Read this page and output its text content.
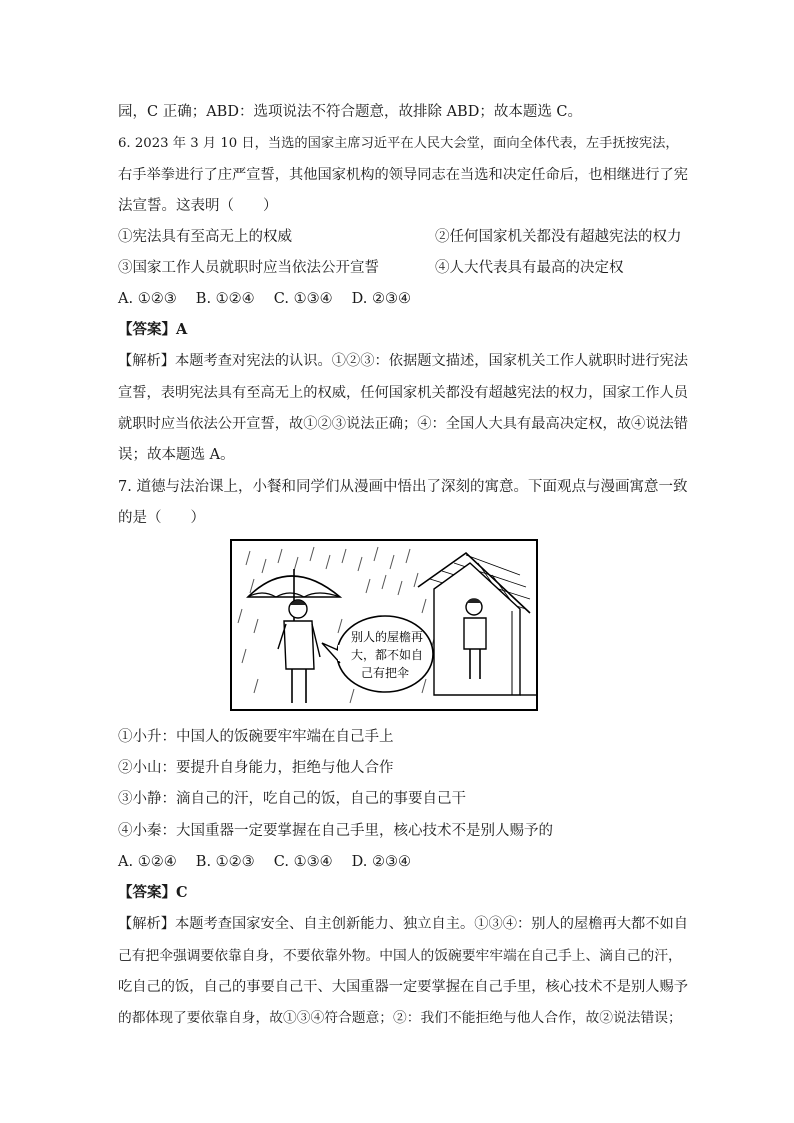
园，C 正确；ABD：选项说法不符合题意，故排除 ABD；故本题选 C。
6. 2023 年 3 月 10 日，当选的国家主席习近平在人民大会堂，面向全体代表，左手抚按宪法，
右手举拳进行了庄严宣誓，其他国家机构的领导同志在当选和决定任命后，也相继进行了宪
法宣誓。这表明（　　）
①宪法具有至高无上的权威	②任何国家机关都没有超越宪法的权力
③国家工作人员就职时应当依法公开宣誓	④人大代表具有最高的决定权
A. ①②③　 B. ①②④　 C. ①③④　 D. ②③④
【答案】A
【解析】本题考查对宪法的认识。①②③：依据题文描述，国家机关工作人就职时进行宪法
宣誓，表明宪法具有至高无上的权威，任何国家机关都没有超越宪法的权力，国家工作人员
就职时应当依法公开宣誓，故①②③说法正确；④：全国人大具有最高决定权，故④说法错
误；故本题选 A。
7. 道德与法治课上，小餐和同学们从漫画中悟出了深刻的寓意。下面观点与漫画寓意一致
的是（　　）
别人的屋檐再
大，都不如自
己有把伞
①小升：中国人的饭碗要牢牢端在自己手上
②小山：要提升自身能力，拒绝与他人合作
③小静：滴自己的汗，吃自己的饭，自己的事要自己干
④小秦：大国重器一定要掌握在自己手里，核心技术不是别人赐予的
A. ①②④　 B. ①②③　 C. ①③④　 D. ②③④
【答案】C
【解析】本题考查国家安全、自主创新能力、独立自主。①③④：别人的屋檐再大都不如自
己有把伞强调要依靠自身，不要依靠外物。中国人的饭碗要牢牢端在自己手上、滴自己的汗，
吃自己的饭，自己的事要自己干、大国重器一定要掌握在自己手里，核心技术不是别人赐予
的都体现了要依靠自身，故①③④符合题意；②：我们不能拒绝与他人合作，故②说法错误；
